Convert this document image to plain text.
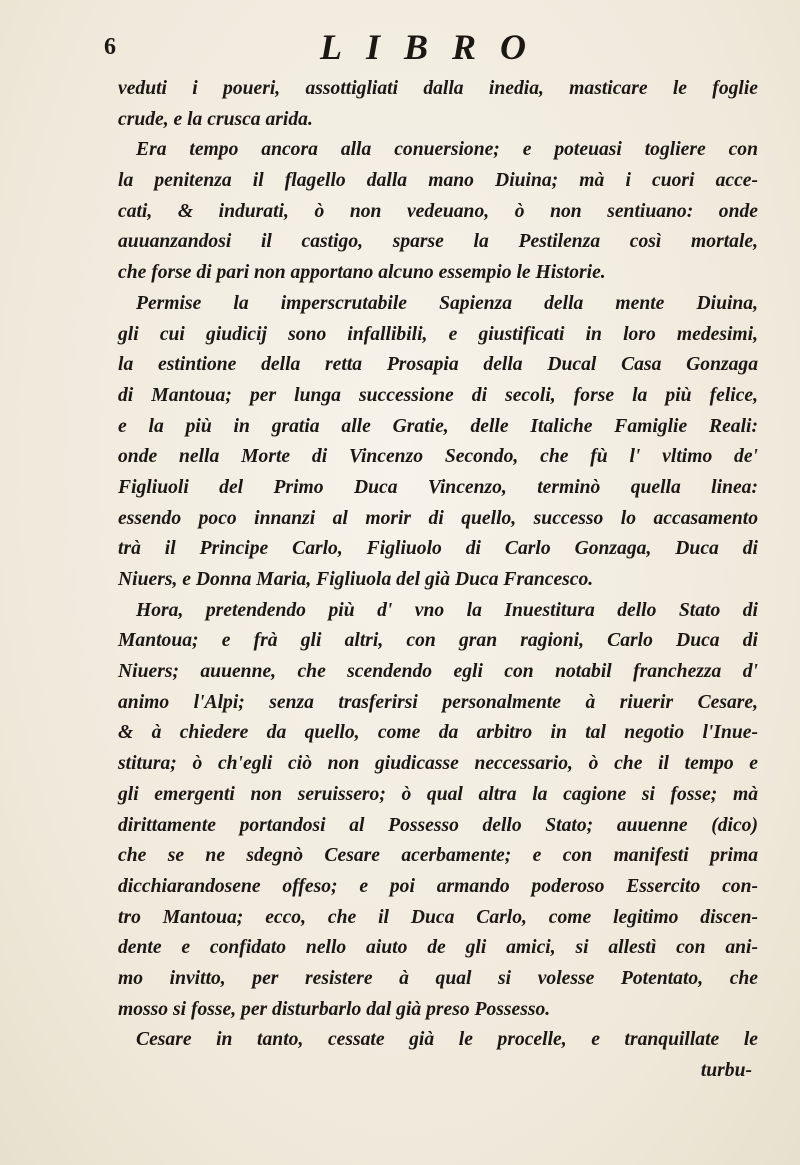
6	LIBRO
veduti i poueri, assottigliati dalla inedia, masticare le foglie
crude, e la crusca arida.
Era tempo ancora alla conuersione; e poteuasi togliere con
la penitenza il flagello dalla mano Diuina; mà i cuori acce-
cati, & indurati, ò non vedeuano, ò non sentiuano: onde
auuanzandosi il castigo, sparse la Pestilenza così mortale,
che forse di pari non apportano alcuno essempio le Historie.
Permise la imperscrutabile Sapienza della mente Diuina,
gli cui giudicij sono infallibili, e giustificati in loro medesimi,
la estintione della retta Prosapia della Ducal Casa Gonzaga
di Mantoua; per lunga successione di secoli, forse la più felice,
e la più in gratia alle Gratie, delle Italiche Famiglie Reali:
onde nella Morte di Vincenzo Secondo, che fù l' vltimo de'
Figliuoli del Primo Duca Vincenzo, terminò quella linea:
essendo poco innanzi al morir di quello, successo lo accasamento
trà il Principe Carlo, Figliuolo di Carlo Gonzaga, Duca di
Niuers, e Donna Maria, Figliuola del già Duca Francesco.
Hora, pretendendo più d' vno la Inuestitura dello Stato di
Mantoua; e frà gli altri, con gran ragioni, Carlo Duca di
Niuers; auuenne, che scendendo egli con notabil franchezza d'
animo l'Alpi; senza trasferirsi personalmente à riuerir Cesare,
& à chiedere da quello, come da arbitro in tal negotio l'Inue-
stitura; ò ch'egli ciò non giudicasse neccessario, ò che il tempo e
gli emergenti non seruissero; ò qual altra la cagione si fosse; mà
dirittamente portandosi al Possesso dello Stato; auuenne (dico)
che se ne sdegnò Cesare acerbamente; e con manifesti prima
dicchiarandosene offeso; e poi armando poderoso Essercito con-
tro Mantoua; ecco, che il Duca Carlo, come legitimo discen-
dente e confidato nello aiuto de gli amici, si allestì con ani-
mo invitto, per resistere à qual si volesse Potentato, che
mosso si fosse, per disturbarlo dal già preso Possesso.
Cesare in tanto, cessate già le procelle, e tranquillate le
turbu-
